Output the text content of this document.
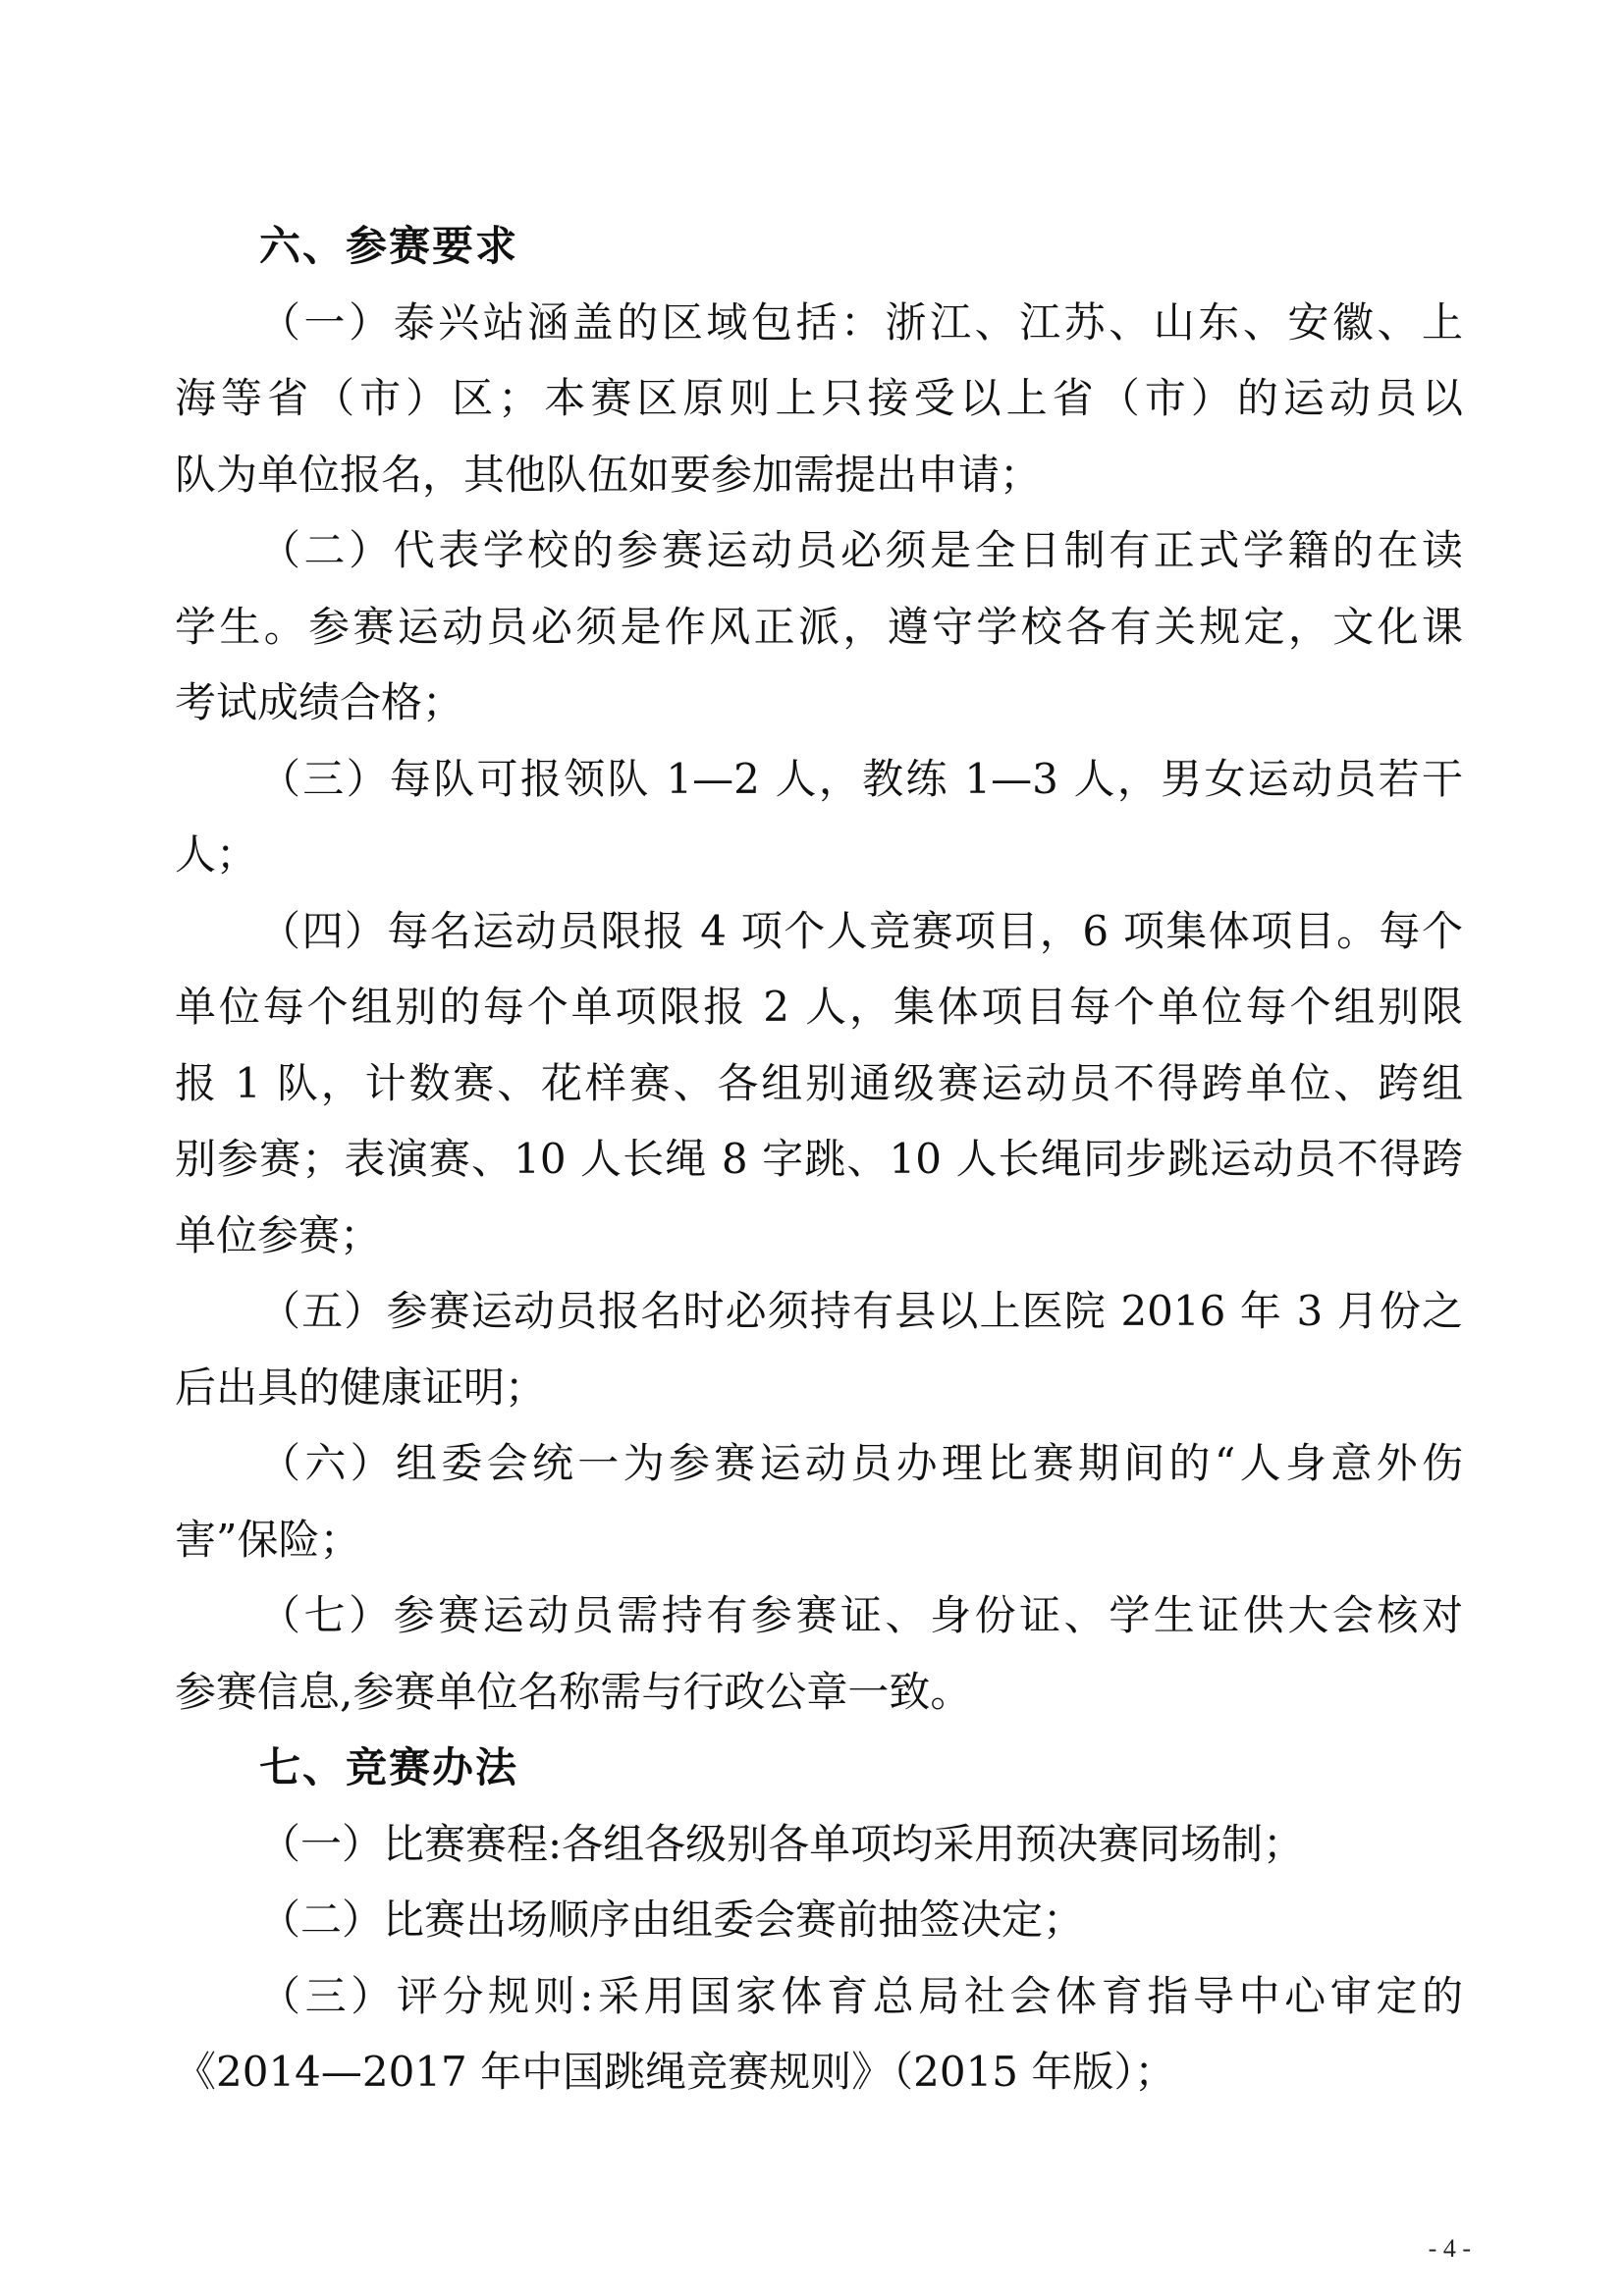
六、参赛要求
（一）泰兴站涵盖的区域包括：浙江、江苏、山东、安徽、上
海等省（市）区；本赛区原则上只接受以上省（市）的运动员以
队为单位报名，其他队伍如要参加需提出申请；
（二）代表学校的参赛运动员必须是全日制有正式学籍的在读
学生。参赛运动员必须是作风正派，遵守学校各有关规定，文化课
考试成绩合格；
（三）每队可报领队 1—2 人，教练 1—3 人，男女运动员若干
人；
（四）每名运动员限报 4 项个人竞赛项目，6 项集体项目。每个
单位每个组别的每个单项限报 2 人，集体项目每个单位每个组别限
报 1 队，计数赛、花样赛、各组别通级赛运动员不得跨单位、跨组
别参赛；表演赛、10 人长绳 8 字跳、10 人长绳同步跳运动员不得跨
单位参赛；
（五）参赛运动员报名时必须持有县以上医院 2016 年 3 月份之
后出具的健康证明；
（六）组委会统一为参赛运动员办理比赛期间的“人身意外伤
害”保险；
（七）参赛运动员需持有参赛证、身份证、学生证供大会核对
参赛信息,参赛单位名称需与行政公章一致。
七、竞赛办法
（一）比赛赛程:各组各级别各单项均采用预决赛同场制；
（二）比赛出场顺序由组委会赛前抽签决定；
（三）评分规则:采用国家体育总局社会体育指导中心审定的
《2014—2017 年中国跳绳竞赛规则》（2015 年版）；
- 4 -
